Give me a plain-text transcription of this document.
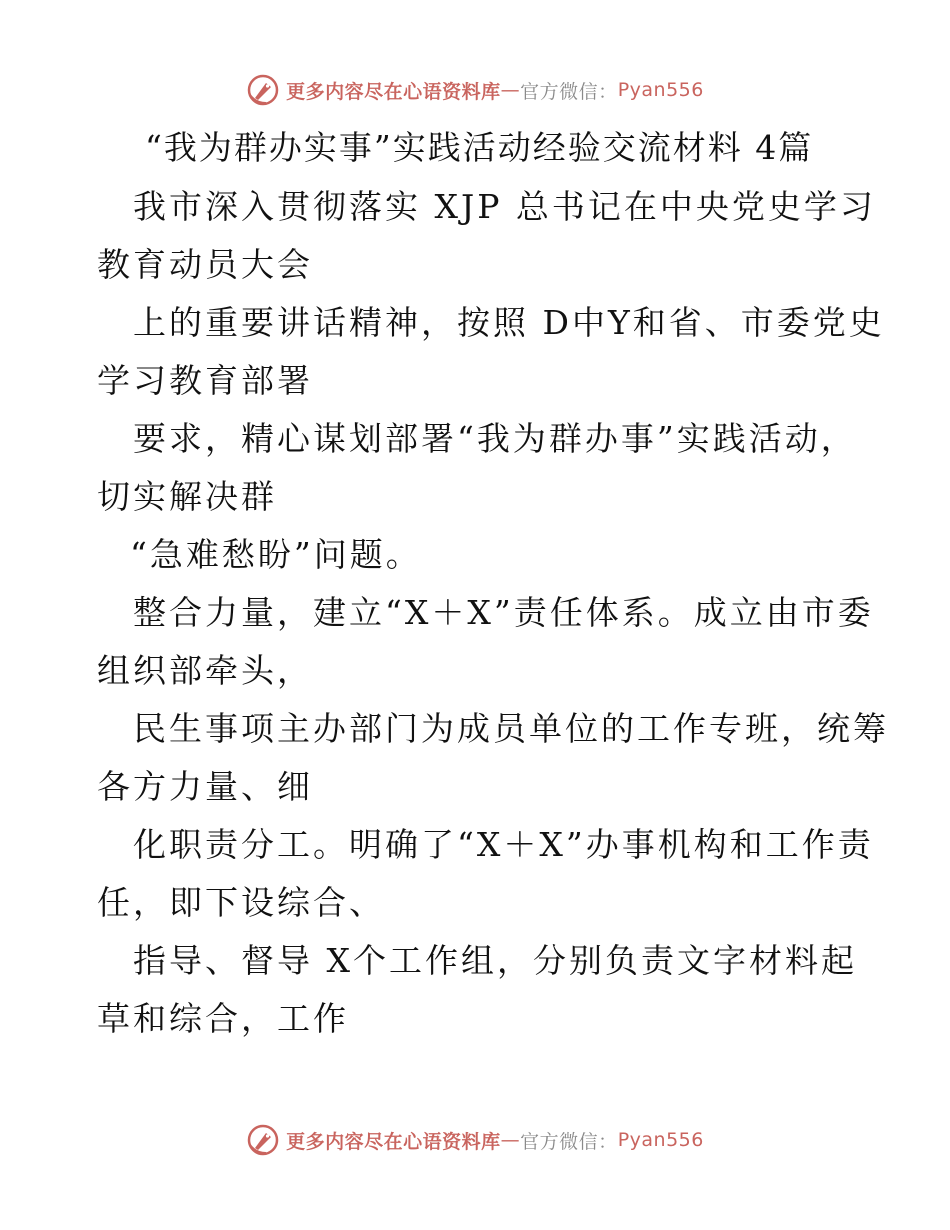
更多内容尽在心语资料库 — 官方微信： Pyan556
“我为群办实事”实践活动经验交流材料 4篇
我市深入贯彻落实 XJP 总书记在中央党史学习
教育动员大会
上的重要讲话精神，按照 D中Y和省、市委党史
学习教育部署
要求，精心谋划部署“我为群办事”实践活动，
切实解决群
“急难愁盼”问题。
整合力量，建立“X＋X”责任体系。成立由市委
组织部牵头，
民生事项主办部门为成员单位的工作专班，统筹
各方力量、细
化职责分工。明确了“X＋X”办事机构和工作责
任，即下设综合、
指导、督导 X个工作组，分别负责文字材料起
草和综合，工作
更多内容尽在心语资料库 — 官方微信： Pyan556
